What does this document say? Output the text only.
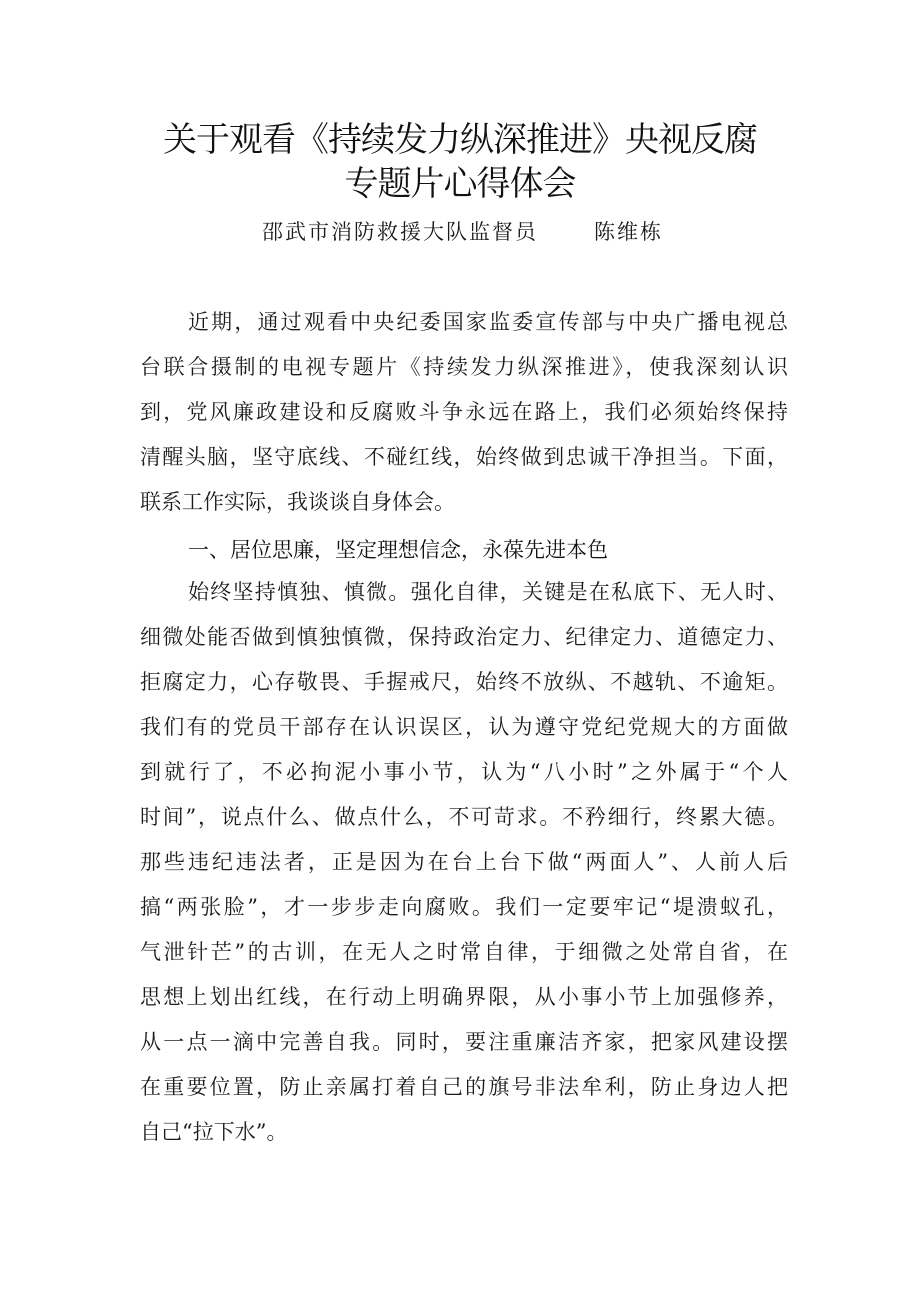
关于观看《持续发力纵深推进》央视反腐
专题片心得体会
邵武市消防救援大队监督员	陈维栋
近期，通过观看中央纪委国家监委宣传部与中央广播电视总
台联合摄制的电视专题片《持续发力纵深推进》，使我深刻认识
到，党风廉政建设和反腐败斗争永远在路上，我们必须始终保持
清醒头脑，坚守底线、不碰红线，始终做到忠诚干净担当。下面，
联系工作实际，我谈谈自身体会。
一、居位思廉，坚定理想信念，永葆先进本色
始终坚持慎独、慎微。强化自律，关键是在私底下、无人时、
细微处能否做到慎独慎微，保持政治定力、纪律定力、道德定力、
拒腐定力，心存敬畏、手握戒尺，始终不放纵、不越轨、不逾矩。
我们有的党员干部存在认识误区，认为遵守党纪党规大的方面做
到就行了，不必拘泥小事小节，认为“八小时”之外属于“个人
时间”，说点什么、做点什么，不可苛求。不矜细行，终累大德。
那些违纪违法者，正是因为在台上台下做“两面人”、人前人后
搞“两张脸”，才一步步走向腐败。我们一定要牢记“堤溃蚁孔，
气泄针芒”的古训，在无人之时常自律，于细微之处常自省，在
思想上划出红线，在行动上明确界限，从小事小节上加强修养，
从一点一滴中完善自我。同时，要注重廉洁齐家，把家风建设摆
在重要位置，防止亲属打着自己的旗号非法牟利，防止身边人把
自己“拉下水”。
